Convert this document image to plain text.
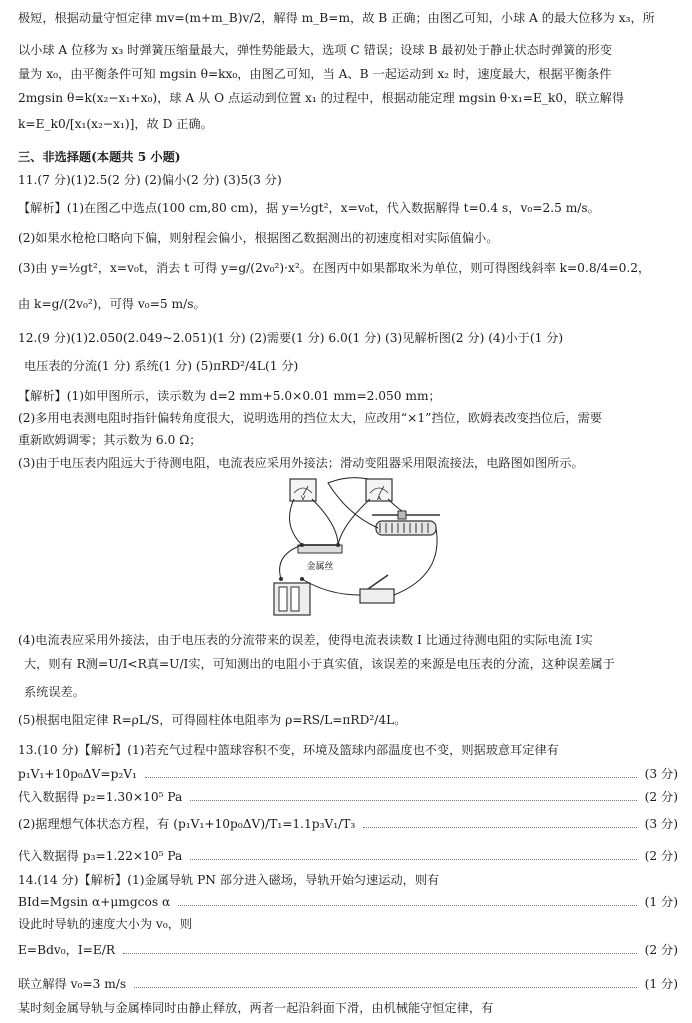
极短，根据动量守恒定律 mv=(m+m_B)v/2，解得 m_B=m，故 B 正确；由图乙可知，小球 A 的最大位移为 x₃，所
以小球 A 位移为 x₃ 时弹簧压缩量最大，弹性势能最大，选项 C 错误；设球 B 最初处于静止状态时弹簧的形变
量为 x₀，由平衡条件可知 mgsin θ=kx₀，由图乙可知，当 A、B 一起运动到 x₂ 时，速度最大，根据平衡条件
2mgsin θ=k(x₂−x₁+x₀)，球 A 从 O 点运动到位置 x₁ 的过程中，根据动能定理 mgsin θ·x₁=E_k0，联立解得
k=E_k0/[x₁(x₂−x₁)]，故 D 正确。
三、非选择题(本题共 5 小题)
11.(7 分)(1)2.5(2 分) (2)偏小(2 分) (3)5(3 分)
【解析】(1)在图乙中选点(100 cm,80 cm)，据 y=½gt²，x=v₀t，代入数据解得 t=0.4 s，v₀=2.5 m/s。
(2)如果水枪枪口略向下偏，则射程会偏小，根据图乙数据测出的初速度相对实际值偏小。
(3)由 y=½gt²，x=v₀t，消去 t 可得 y=g/(2v₀²)·x²。在图丙中如果都取米为单位，则可得图线斜率 k=0.8/4=0.2，
由 k=g/(2v₀²)，可得 v₀=5 m/s。
12.(9 分)(1)2.050(2.049~2.051)(1 分) (2)需要(1 分) 6.0(1 分) (3)见解析图(2 分) (4)小于(1 分)
电压表的分流(1 分) 系统(1 分) (5)πRD²/4L(1 分)
【解析】(1)如甲图所示，读示数为 d=2 mm+5.0×0.01 mm=2.050 mm；
(2)多用电表测电阻时指针偏转角度很大，说明选用的挡位太大，应改用“×1”挡位，欧姆表改变挡位后，需要
重新欧姆调零；其示数为 6.0 Ω；
(3)由于电压表内阻远大于待测电阻，电流表应采用外接法；滑动变阻器采用限流接法，电路图如图所示。
V	A
金属丝
(4)电流表应采用外接法，由于电压表的分流带来的误差，使得电流表读数 I 比通过待测电阻的实际电流 I实
大，则有 R测=U/I<R真=U/I实，可知测出的电阻小于真实值，该误差的来源是电压表的分流，这种误差属于
系统误差。
(5)根据电阻定律 R=ρL/S，可得圆柱体电阻率为 ρ=RS/L=πRD²/4L。
13.(10 分)【解析】(1)若充气过程中篮球容积不变，环境及篮球内部温度也不变，则据玻意耳定律有
p₁V₁+10p₀ΔV=p₂V₁	(3 分)
代入数据得 p₂=1.30×10⁵ Pa	(2 分)
(2)据理想气体状态方程，有 (p₁V₁+10p₀ΔV)/T₁=1.1p₃V₁/T₃	(3 分)
代入数据得 p₃=1.22×10⁵ Pa	(2 分)
14.(14 分)【解析】(1)金属导轨 PN 部分进入磁场，导轨开始匀速运动，则有
BId=Mgsin α+μmgcos α	(1 分)
设此时导轨的速度大小为 v₀，则
E=Bdv₀，I=E/R	(2 分)
联立解得 v₀=3 m/s	(1 分)
某时刻金属导轨与金属棒同时由静止释放，两者一起沿斜面下滑，由机械能守恒定律，有
